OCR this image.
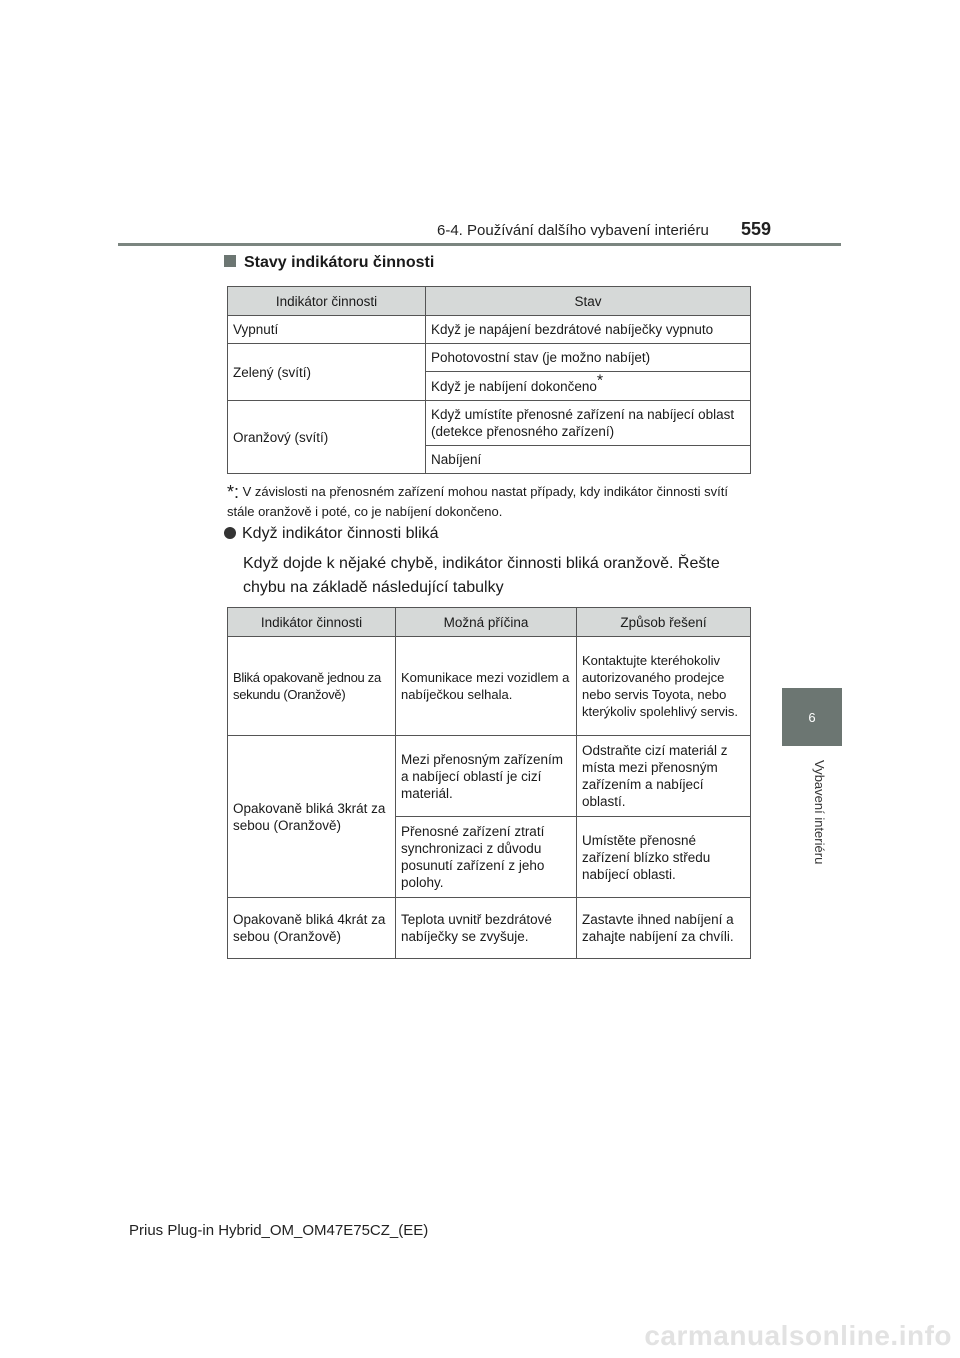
6-4. Používání dalšího vybavení interiéru 559
6
Vybavení interiéru
Stavy indikátoru činnosti
Indikátor činnosti	Stav
Vypnutí	Když je napájení bezdrátové nabíječky vypnuto
Zelený (svítí)	Pohotovostní stav (je možno nabíjet)
	Když je nabíjení dokončeno*
Oranžový (svítí)	Když umístíte přenosné zařízení na nabíjecí oblast (detekce přenosného zařízení)
	Nabíjení
*: V závislosti na přenosném zařízení mohou nastat případy, kdy indikátor činnosti svítí stále oranžově i poté, co je nabíjení dokončeno.
Když indikátor činnosti bliká
Když dojde k nějaké chybě, indikátor činnosti bliká oranžově. Řešte chybu na základě následující tabulky
Indikátor činnosti	Možná příčina	Způsob řešení
Bliká opakovaně jednou za sekundu (Oranžově)	Komunikace mezi vozidlem a nabíječkou selhala.	Kontaktujte kteréhokoliv autorizovaného prodejce nebo servis Toyota, nebo kterýkoliv spolehlivý servis.
Opakovaně bliká 3krát za sebou (Oranžově)	Mezi přenosným zařízením a nabíjecí oblastí je cizí materiál.	Odstraňte cizí materiál z místa mezi přenosným zařízením a nabíjecí oblastí.
	Přenosné zařízení ztratí synchronizaci z důvodu posunutí zařízení z jeho polohy.	Umístěte přenosné zařízení blízko středu nabíjecí oblasti.
Opakovaně bliká 4krát za sebou (Oranžově)	Teplota uvnitř bezdrátové nabíječky se zvyšuje.	Zastavte ihned nabíjení a zahajte nabíjení za chvíli.
Prius Plug-in Hybrid_OM_OM47E75CZ_(EE)
carmanualsonline.info
